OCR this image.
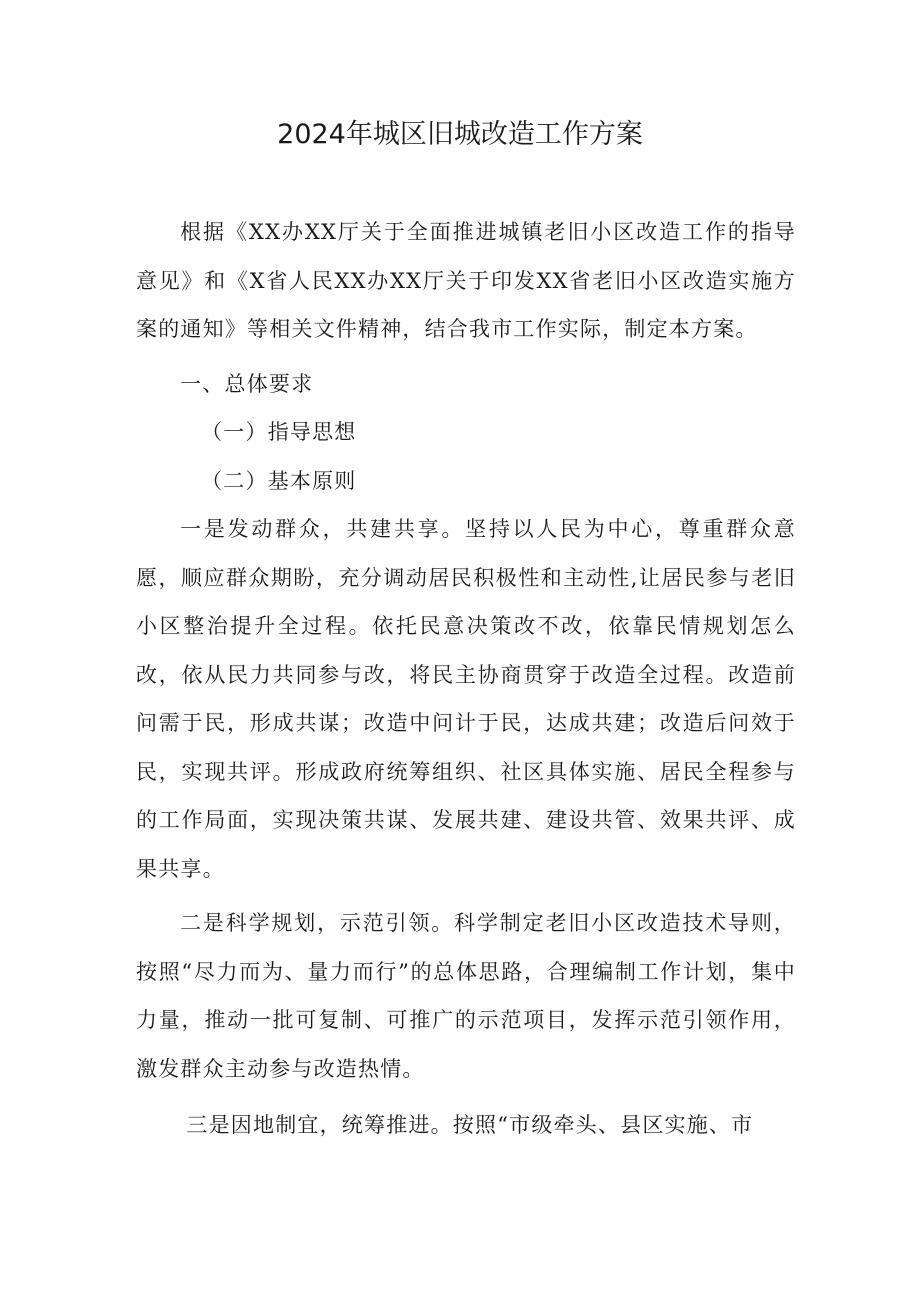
2024年城区旧城改造工作方案

根据《XX办XX厅关于全面推进城镇老旧小区改造工作的指导意见》和《X省人民XX办XX厅关于印发XX省老旧小区改造实施方案的通知》等相关文件精神，结合我市工作实际，制定本方案。

一、总体要求

（一）指导思想

（二）基本原则

一是发动群众，共建共享。坚持以人民为中心，尊重群众意愿，顺应群众期盼，充分调动居民积极性和主动性,让居民参与老旧小区整治提升全过程。依托民意决策改不改，依靠民情规划怎么改，依从民力共同参与改，将民主协商贯穿于改造全过程。改造前问需于民，形成共谋；改造中问计于民，达成共建；改造后问效于民，实现共评。形成政府统筹组织、社区具体实施、居民全程参与的工作局面，实现决策共谋、发展共建、建设共管、效果共评、成果共享。

二是科学规划，示范引领。科学制定老旧小区改造技术导则，按照“尽力而为、量力而行”的总体思路，合理编制工作计划，集中力量，推动一批可复制、可推广的示范项目，发挥示范引领作用，激发群众主动参与改造热情。

三是因地制宜，统筹推进。按照“市级牵头、县区实施、市
